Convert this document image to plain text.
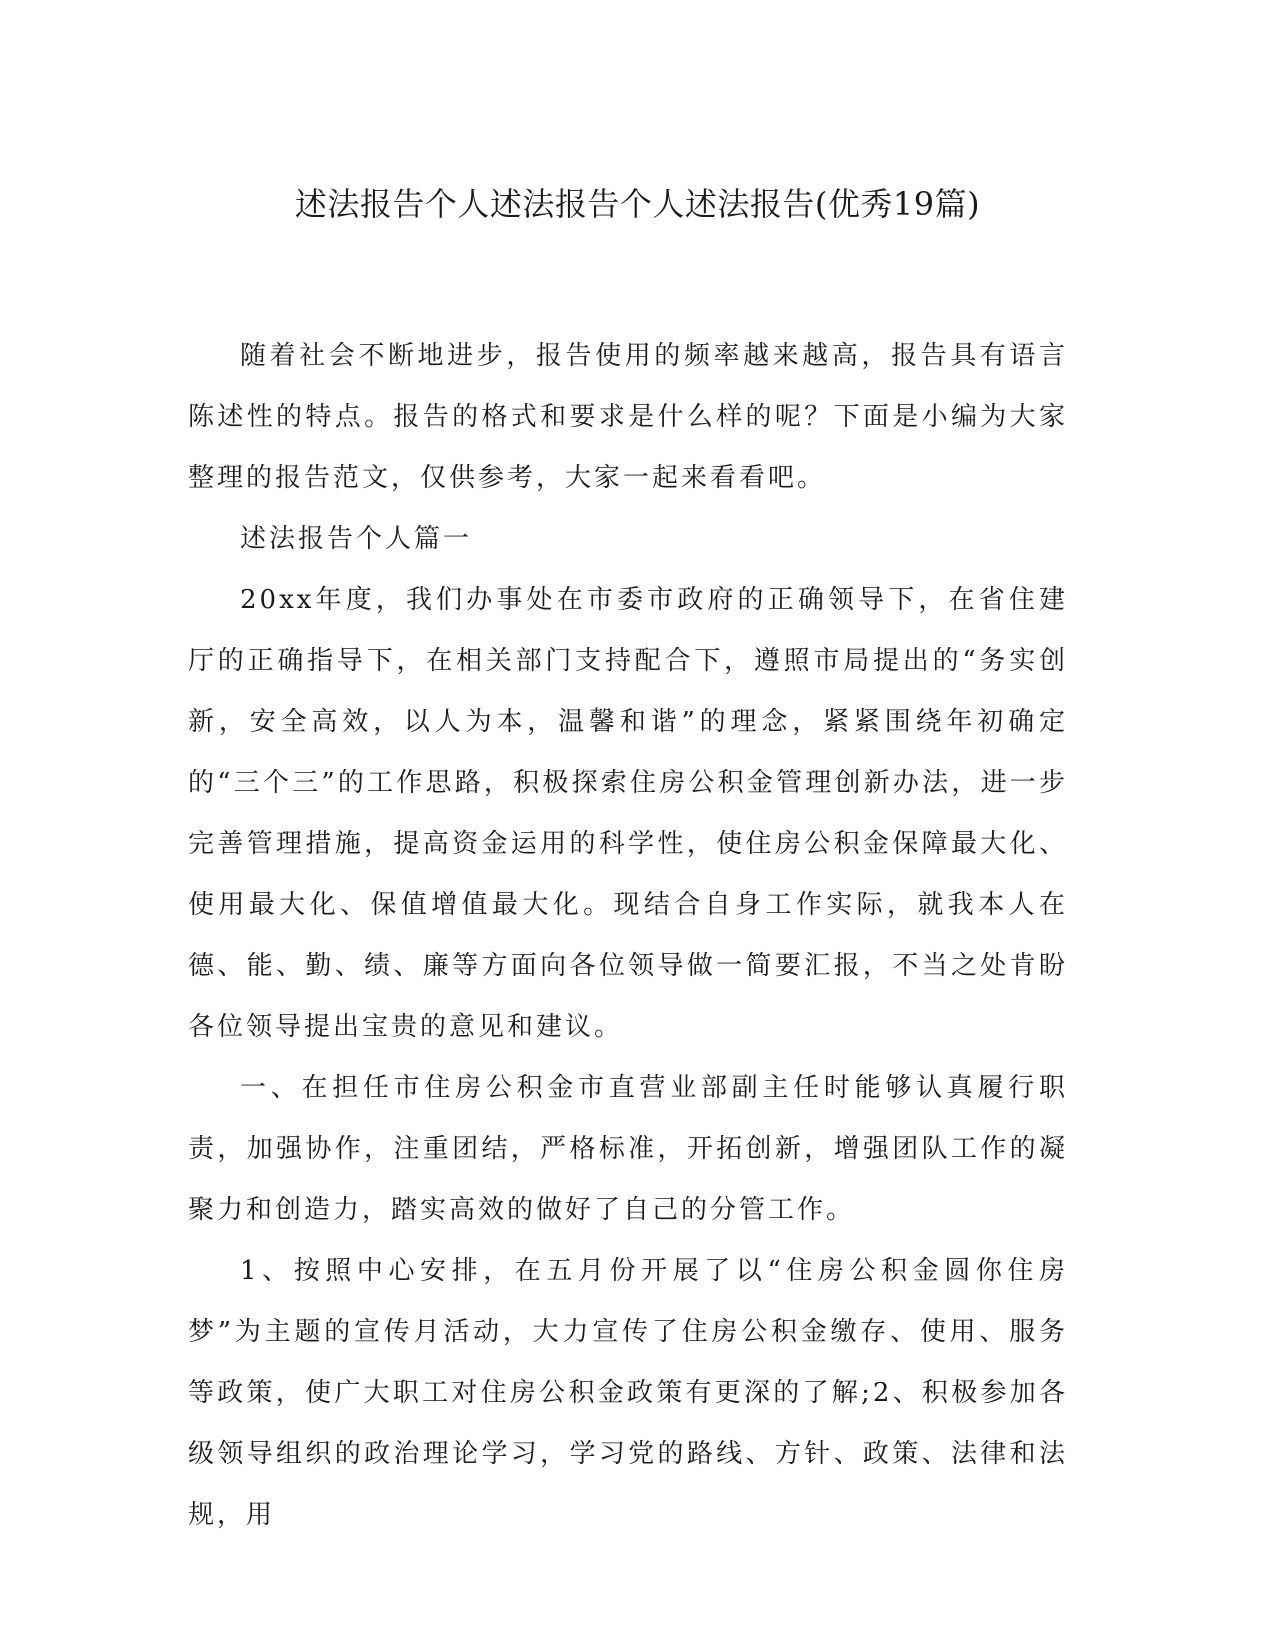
述法报告个人述法报告个人述法报告(优秀19篇)

随着社会不断地进步，报告使用的频率越来越高，报告具有语言陈述性的特点。报告的格式和要求是什么样的呢？下面是小编为大家整理的报告范文，仅供参考，大家一起来看看吧。

述法报告个人篇一

20xx年度，我们办事处在市委市政府的正确领导下，在省住建厅的正确指导下，在相关部门支持配合下，遵照市局提出的“务实创新，安全高效，以人为本，温馨和谐”的理念，紧紧围绕年初确定的“三个三”的工作思路，积极探索住房公积金管理创新办法，进一步完善管理措施，提高资金运用的科学性，使住房公积金保障最大化、使用最大化、保值增值最大化。现结合自身工作实际，就我本人在德、能、勤、绩、廉等方面向各位领导做一简要汇报，不当之处肯盼各位领导提出宝贵的意见和建议。

一、在担任市住房公积金市直营业部副主任时能够认真履行职责，加强协作，注重团结，严格标准，开拓创新，增强团队工作的凝聚力和创造力，踏实高效的做好了自己的分管工作。

1、按照中心安排，在五月份开展了以“住房公积金圆你住房梦”为主题的宣传月活动，大力宣传了住房公积金缴存、使用、服务等政策，使广大职工对住房公积金政策有更深的了解;2、积极参加各级领导组织的政治理论学习，学习党的路线、方针、政策、法律和法规，用
